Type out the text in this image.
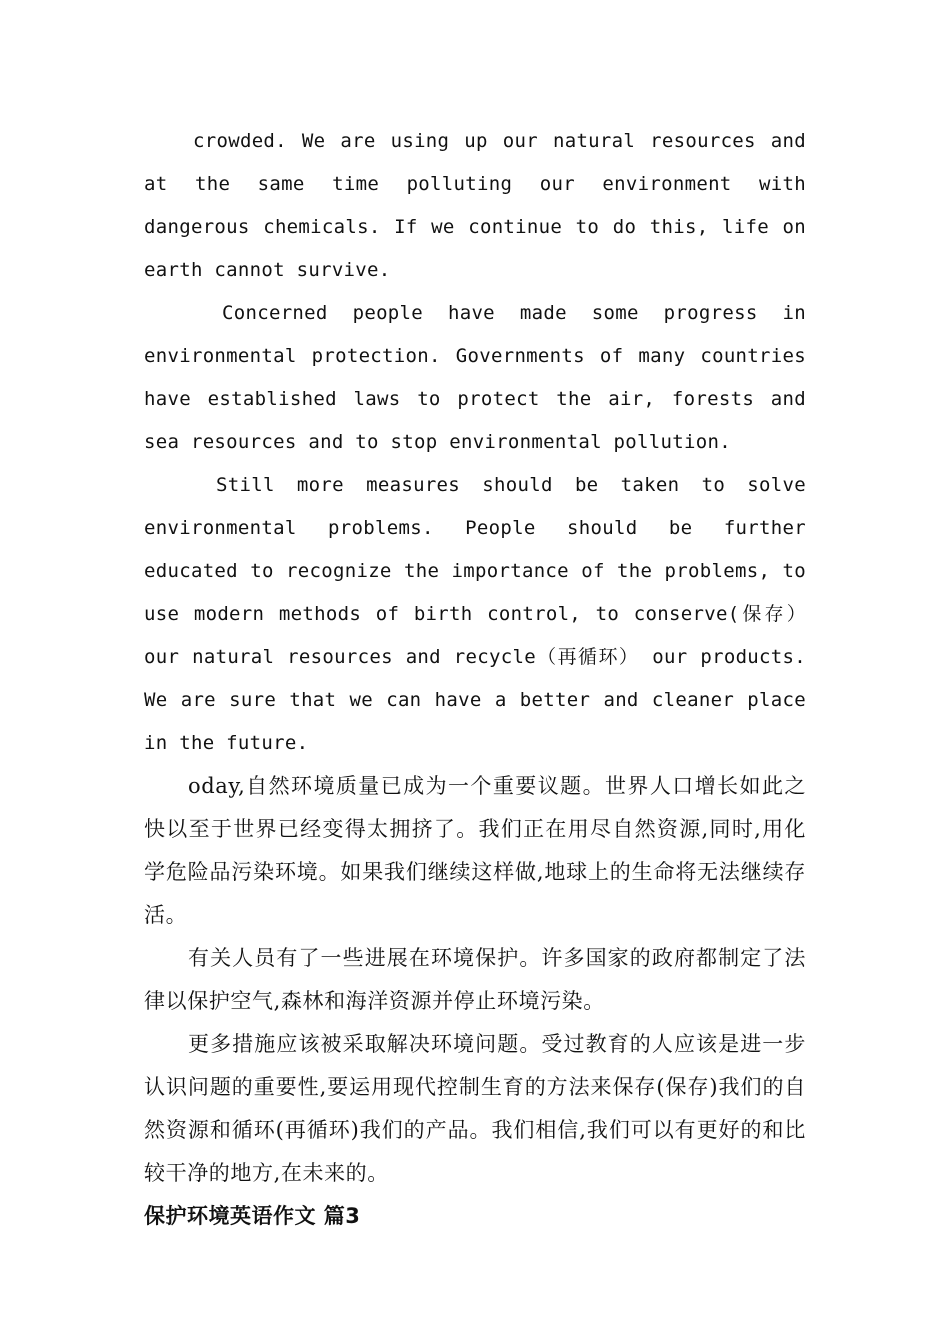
crowded. We are using up our natural resources and at the same time polluting our environment with dangerous chemicals. If we continue to do this, life on earth cannot survive.

Concerned people have made some progress in environmental protection. Governments of many countries have established laws to protect the air, forests and sea resources and to stop environmental pollution.

Still more measures should be taken to solve environmental problems. People should be further educated to recognize the importance of the problems, to use modern methods of birth control, to conserve(保存） our natural resources and recycle（再循环） our products. We are sure that we can have a better and cleaner place in the future.

oday,自然环境质量已成为一个重要议题。世界人口增长如此之快以至于世界已经变得太拥挤了。我们正在用尽自然资源,同时,用化学危险品污染环境。如果我们继续这样做,地球上的生命将无法继续存活。

有关人员有了一些进展在环境保护。许多国家的政府都制定了法律以保护空气,森林和海洋资源并停止环境污染。

更多措施应该被采取解决环境问题。受过教育的人应该是进一步认识问题的重要性,要运用现代控制生育的方法来保存(保存)我们的自然资源和循环(再循环)我们的产品。我们相信,我们可以有更好的和比较干净的地方,在未来的。

保护环境英语作文 篇3
